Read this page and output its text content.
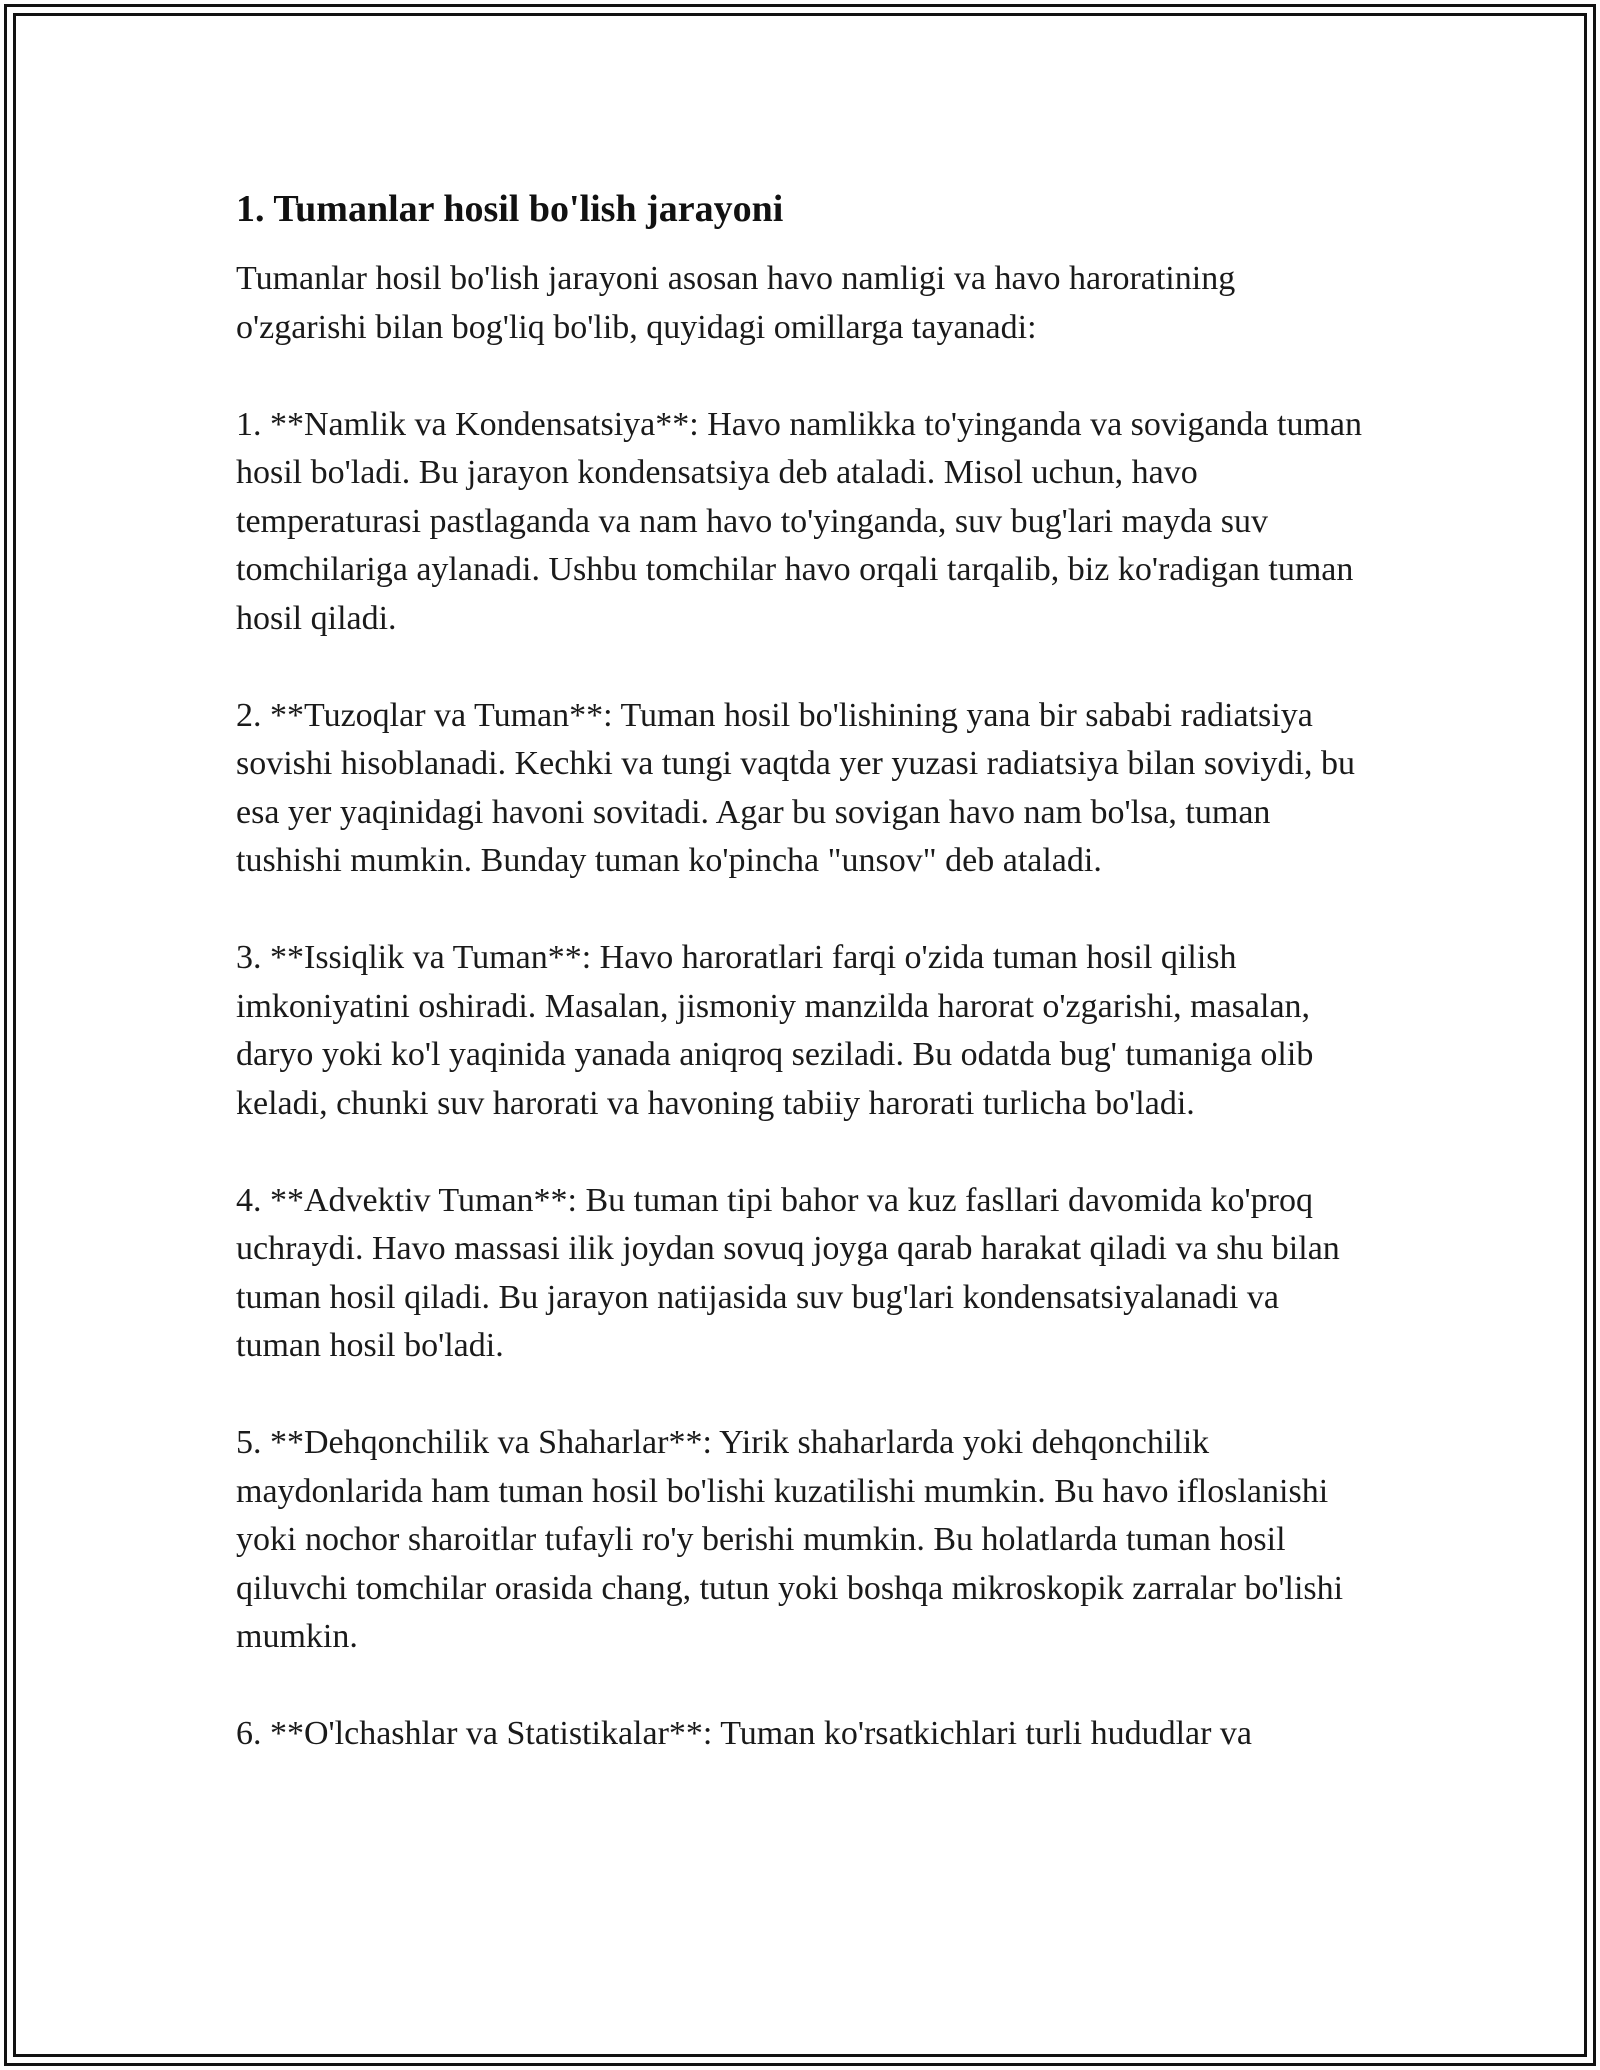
1. Tumanlar hosil bo'lish jarayoni

Tumanlar hosil bo'lish jarayoni asosan havo namligi va havo haroratining o'zgarishi bilan bog'liq bo'lib, quyidagi omillarga tayanadi:

1. **Namlik va Kondensatsiya**: Havo namlikka to'yinganda va soviganda tuman hosil bo'ladi. Bu jarayon kondensatsiya deb ataladi. Misol uchun, havo temperaturasi pastlaganda va nam havo to'yinganda, suv bug'lari mayda suv tomchilariga aylanadi. Ushbu tomchilar havo orqali tarqalib, biz ko'radigan tuman hosil qiladi.

2. **Tuzoqlar va Tuman**: Tuman hosil bo'lishining yana bir sababi radiatsiya sovishi hisoblanadi. Kechki va tungi vaqtda yer yuzasi radiatsiya bilan soviydi, bu esa yer yaqinidagi havoni sovitadi. Agar bu sovigan havo nam bo'lsa, tuman tushishi mumkin. Bunday tuman ko'pincha "unsov" deb ataladi.

3. **Issiqlik va Tuman**: Havo haroratlari farqi o'zida tuman hosil qilish imkoniyatini oshiradi. Masalan, jismoniy manzilda harorat o'zgarishi, masalan, daryo yoki ko'l yaqinida yanada aniqroq seziladi. Bu odatda bug' tumaniga olib keladi, chunki suv harorati va havoning tabiiy harorati turlicha bo'ladi.

4. **Advektiv Tuman**: Bu tuman tipi bahor va kuz fasllari davomida ko'proq uchraydi. Havo massasi ilik joydan sovuq joyga qarab harakat qiladi va shu bilan tuman hosil qiladi. Bu jarayon natijasida suv bug'lari kondensatsiyalanadi va tuman hosil bo'ladi.

5. **Dehqonchilik va Shaharlar**: Yirik shaharlarda yoki dehqonchilik maydonlarida ham tuman hosil bo'lishi kuzatilishi mumkin. Bu havo ifloslanishi yoki nochor sharoitlar tufayli ro'y berishi mumkin. Bu holatlarda tuman hosil qiluvchi tomchilar orasida chang, tutun yoki boshqa mikroskopik zarralar bo'lishi mumkin.

6. **O'lchashlar va Statistikalar**: Tuman ko'rsatkichlari turli hududlar va
